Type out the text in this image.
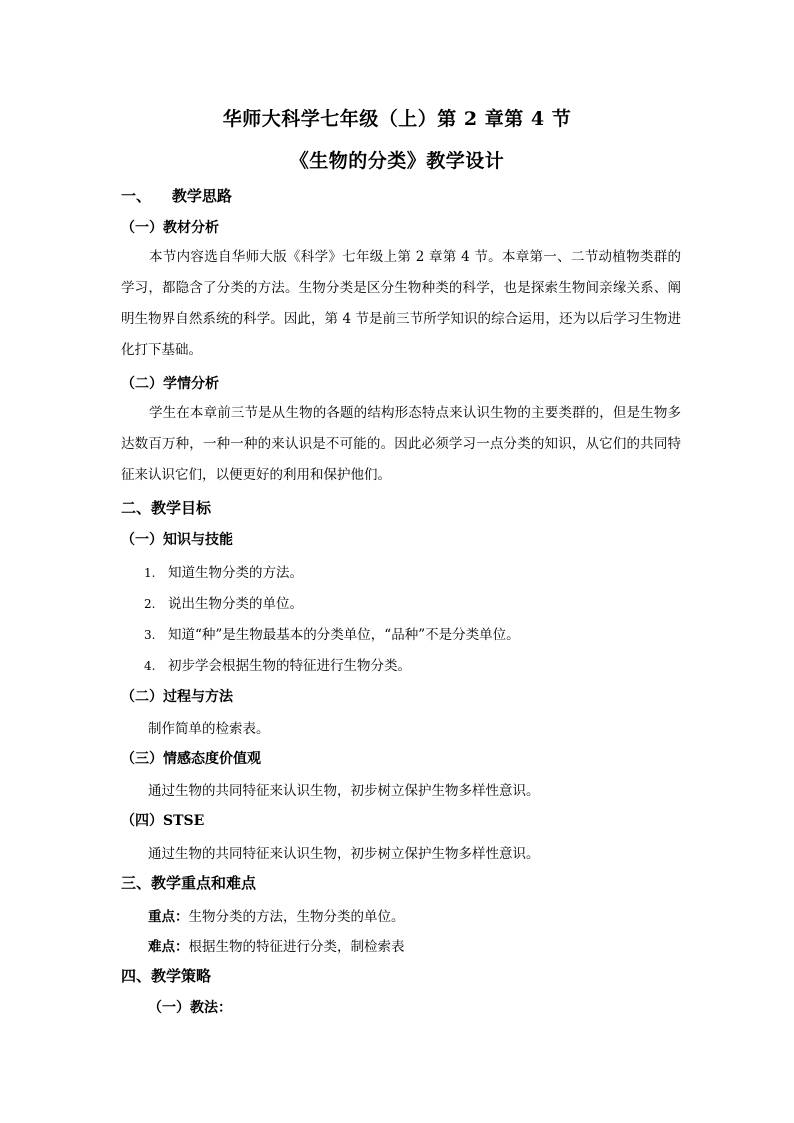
华师大科学七年级（上）第 2 章第 4 节
《生物的分类》教学设计
一、    教学思路
（一）教材分析
本节内容选自华师大版《科学》七年级上第 2 章第 4 节。本章第一、二节动植物类群的学习，都隐含了分类的方法。生物分类是区分生物种类的科学，也是探索生物间亲缘关系、阐明生物界自然系统的科学。因此，第 4 节是前三节所学知识的综合运用，还为以后学习生物进化打下基础。
（二）学情分析
学生在本章前三节是从生物的各题的结构形态特点来认识生物的主要类群的，但是生物多达数百万种，一种一种的来认识是不可能的。因此必须学习一点分类的知识，从它们的共同特征来认识它们，以便更好的利用和保护他们。
二、教学目标
（一）知识与技能
1. 知道生物分类的方法。
2. 说出生物分类的单位。
3. 知道“种”是生物最基本的分类单位，“品种”不是分类单位。
4. 初步学会根据生物的特征进行生物分类。
（二）过程与方法
制作简单的检索表。
（三）情感态度价值观
通过生物的共同特征来认识生物，初步树立保护生物多样性意识。
（四）STSE
通过生物的共同特征来认识生物，初步树立保护生物多样性意识。
三、教学重点和难点
重点：生物分类的方法，生物分类的单位。
难点：根据生物的特征进行分类，制检索表
四、教学策略
（一）教法：
